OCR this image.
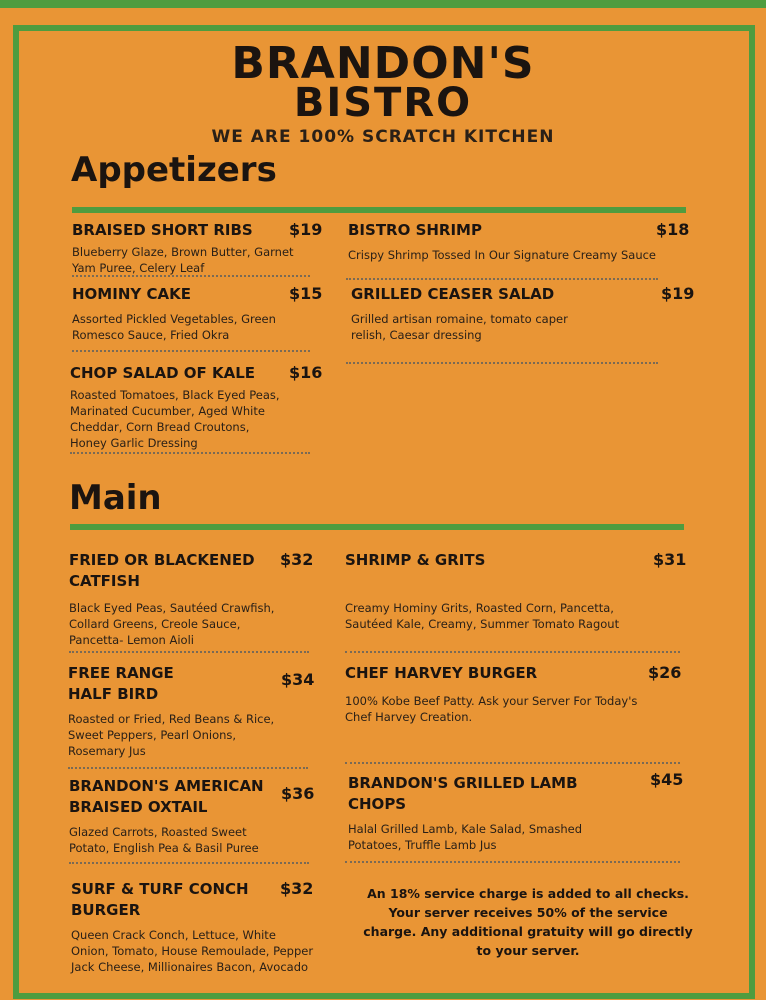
BRANDON'S
BISTRO
WE ARE 100% SCRATCH KITCHEN
Appetizers
BRAISED SHORT RIBS	$19
Blueberry Glaze, Brown Butter, Garnet Yam Puree, Celery Leaf
BISTRO SHRIMP	$18
Crispy Shrimp Tossed In Our Signature Creamy Sauce
HOMINY CAKE	$15
Assorted Pickled Vegetables, Green Romesco Sauce, Fried Okra
GRILLED CEASER SALAD	$19
Grilled artisan romaine, tomato caper relish, Caesar dressing
CHOP SALAD OF KALE	$16
Roasted Tomatoes, Black Eyed Peas, Marinated Cucumber, Aged White Cheddar, Corn Bread Croutons, Honey Garlic Dressing
Main
FRIED OR BLACKENED CATFISH
$32
Black Eyed Peas, Sautéed Crawfish, Collard Greens, Creole Sauce, Pancetta- Lemon Aioli
SHRIMP & GRITS	$31
Creamy Hominy Grits, Roasted Corn, Pancetta, Sautéed Kale, Creamy, Summer Tomato Ragout
FREE RANGE HALF BIRD
$34
Roasted or Fried, Red Beans & Rice, Sweet Peppers, Pearl Onions, Rosemary Jus
CHEF HARVEY BURGER	$26
100% Kobe Beef Patty. Ask your Server For Today's Chef Harvey Creation.
BRANDON'S AMERICAN BRAISED OXTAIL
$36
Glazed Carrots, Roasted Sweet Potato, English Pea & Basil Puree
BRANDON'S GRILLED LAMB CHOPS
$45
Halal Grilled Lamb, Kale Salad, Smashed Potatoes, Truffle Lamb Jus
SURF & TURF CONCH BURGER
$32
Queen Crack Conch, Lettuce, White Onion, Tomato, House Remoulade, Pepper Jack Cheese, Millionaires Bacon, Avocado
An 18% service charge is added to all checks. Your server receives 50% of the service charge. Any additional gratuity will go directly to your server.
